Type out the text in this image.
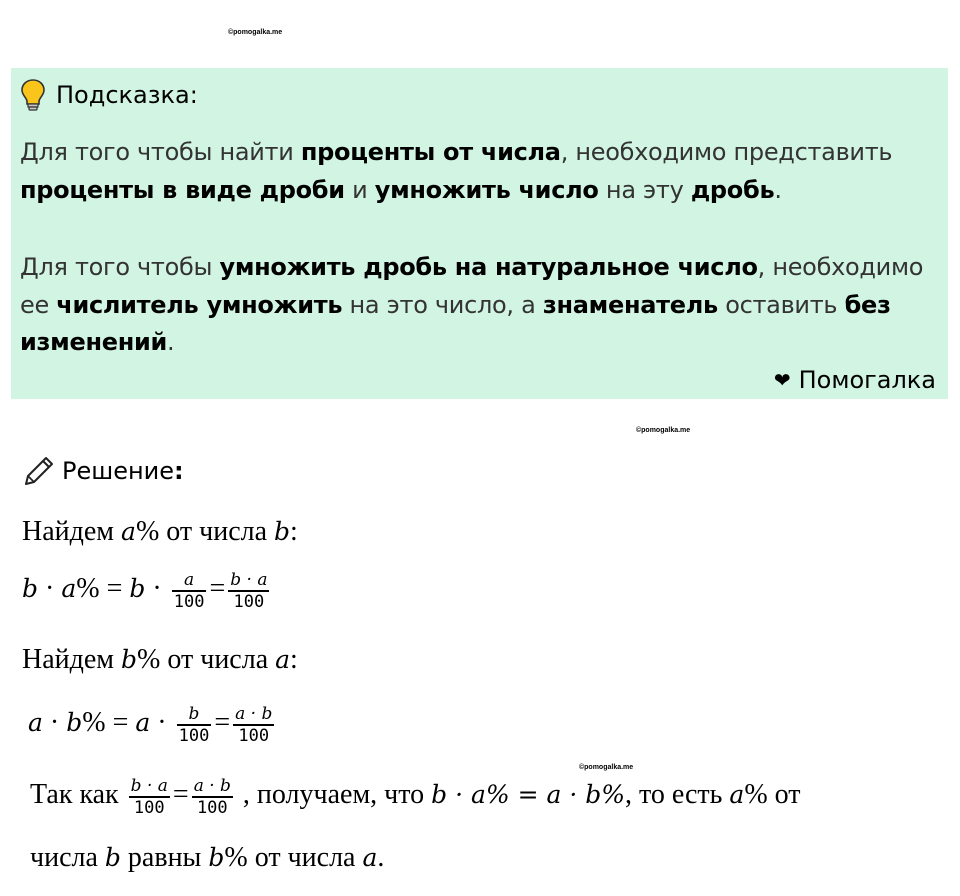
©pomogalka.me
Подсказка:
Для того чтобы найти проценты от числа, необходимо представить проценты в виде дроби и умножить число на эту дробь.
Для того чтобы умножить дробь на натуральное число, необходимо ее числитель умножить на это число, а знаменатель оставить без изменений.
❤ Помогалка
©pomogalka.me
Решение :
Найдем a% от числа b:
$b \cdot a\% = b \cdot \frac{a}{100} = \frac{b \cdot a}{100}$
Найдем b% от числа a:
$a \cdot b\% = a \cdot \frac{b}{100} = \frac{a \cdot b}{100}$
©pomogalka.me
Так как $\frac{b \cdot a}{100} = \frac{a \cdot b}{100}$ , получаем, что b · a% = a · b%, то есть a% от
числа b равны b% от числа a.
